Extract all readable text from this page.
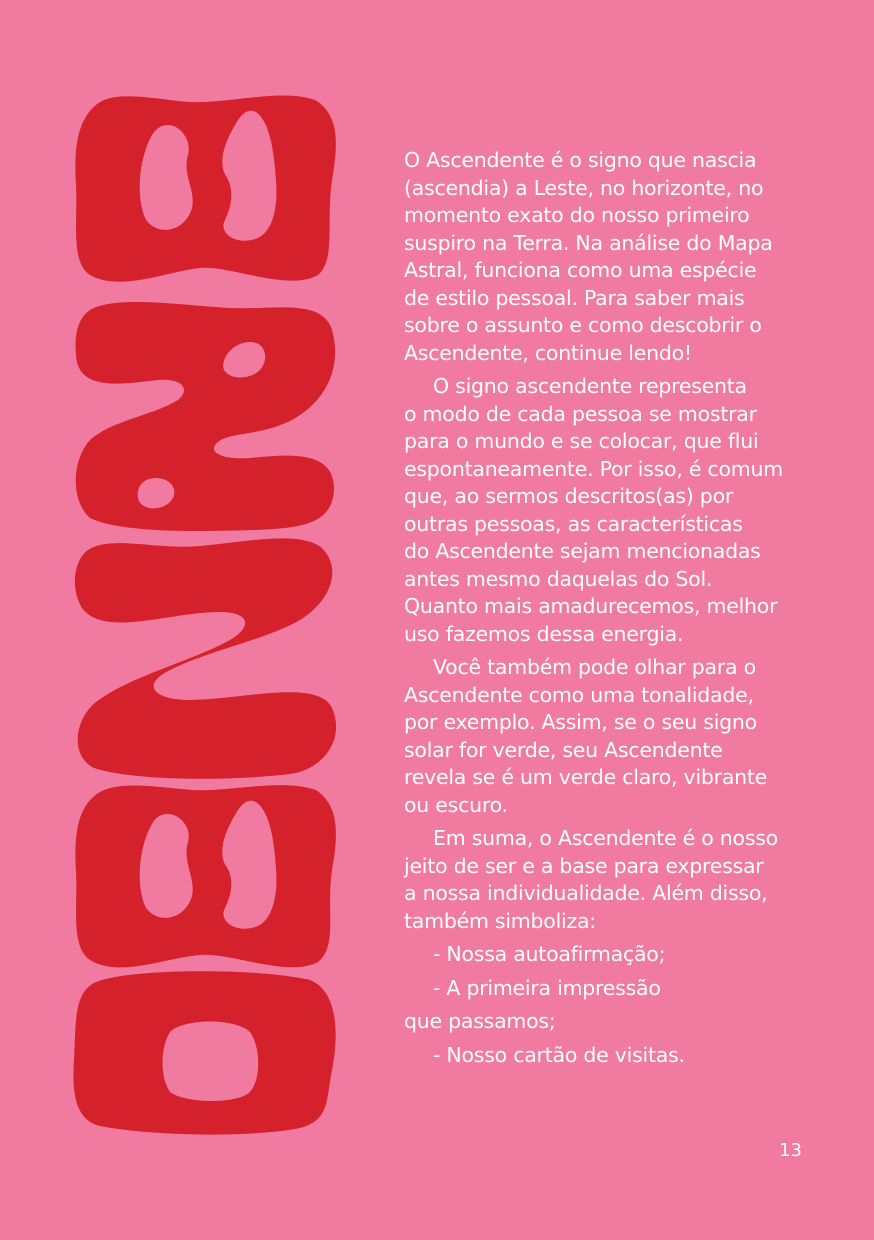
O Ascendente é o signo que nascia
(ascendia) a Leste, no horizonte, no
momento exato do nosso primeiro
suspiro na Terra. Na análise do Mapa
Astral, funciona como uma espécie
de estilo pessoal. Para saber mais
sobre o assunto e como descobrir o
Ascendente, continue lendo!

O signo ascendente representa
o modo de cada pessoa se mostrar
para o mundo e se colocar, que flui
espontaneamente. Por isso, é comum
que, ao sermos descritos(as) por
outras pessoas, as características
do Ascendente sejam mencionadas
antes mesmo daquelas do Sol.
Quanto mais amadurecemos, melhor
uso fazemos dessa energia.

Você também pode olhar para o
Ascendente como uma tonalidade,
por exemplo. Assim, se o seu signo
solar for verde, seu Ascendente
revela se é um verde claro, vibrante
ou escuro.

Em suma, o Ascendente é o nosso
jeito de ser e a base para expressar
a nossa individualidade. Além disso,
também simboliza:

- Nossa autoafirmação;

- A primeira impressão

que passamos;

- Nosso cartão de visitas.

13
